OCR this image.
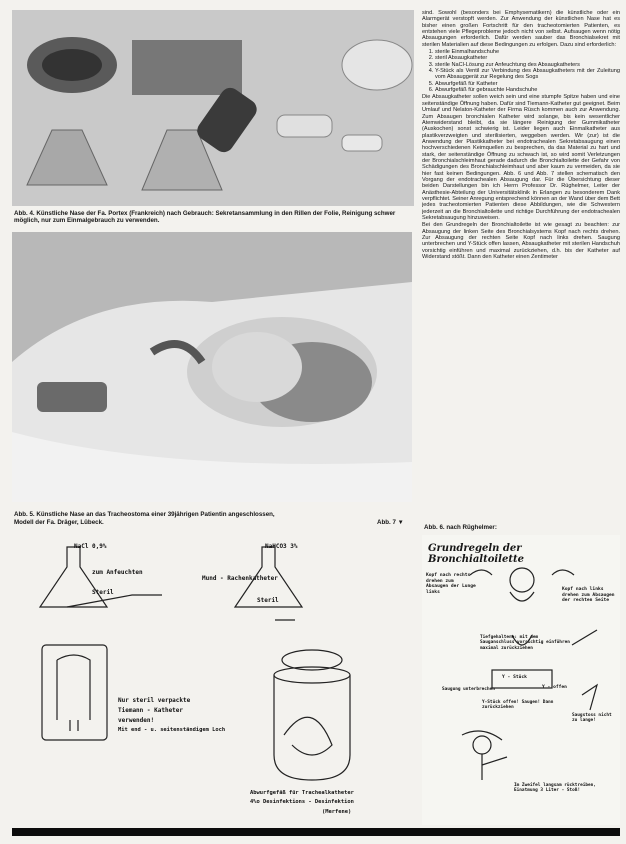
Abb. 4. Künstliche Nase der Fa. Portex (Frankreich) nach Gebrauch: Sekretansammlung in den Rillen der Folie, Reinigung schwer möglich, nur zum Einmalgebrauch zu verwenden.
Abb. 5. Künstliche Nase an das Tracheostoma einer 39jährigen Patientin angeschlossen,
Modell der Fa. Dräger, Lübeck.	Abb. 7 ▼

sind. Sowohl (besonders bei Emphysematikern) die künstliche oder ein Alarmgerät verstopft werden. Zur Anwendung der künstlichen Nase hat es bisher einen großen Fortschritt für den tracheotomierten Patienten, es entstehen viele Pflegeprobleme jedoch nicht von selbst. Aufsaugen wenn nötig Absaugungen erforderlich. Dafür werden sauber das Bronchialsekret mit sterilen Materialien auf diese Bedingungen zu erfolgen. Dazu sind erforderlich:

1. sterile Einmalhandschuhe
2. steril Absaugkatheter
3. sterile NaCl-Lösung zur Anfeuchtung des Absaugkatheters
4. Y-Stück als Ventil zur Verbindung des Absaugkatheters mit der Zuleitung vom Absauggerät zur Regelung des Sogs
5. Abwurfgefäß für Katheter
6. Abwurfgefäß für gebrauchte Handschuhe

Die Absaugkatheter sollen weich sein und eine stumpfe Spitze haben und eine seitenständige Öffnung haben. Dafür sind Tiemann-Katheter gut geeignet. Beim Umlauf und Nelaton-Katheter der Firma Rüsch kommen auch zur Anwendung. Zum Absaugen bronchialen Katheter wird solange, bis kein wesentlicher Atemwiderstand bleibt, da sie längere Reinigung der Gummikatheter (Auskochen) sonst schwierig ist. Leider liegen auch Einmalkatheter aus plastikverzweigten und sterilisierten, weggeben werden. Wir (zur) ist die Anwendung der Plastikkatheter bei endotrachealen Sekretabsaugung einen hochverschiedenen Keimquellen zu besprechen, da das Material zu hart und stark, der seitenständige Öffnung zu schwach ist, so wird somit Verletzungen der Bronchialschleimhaut gerade dadurch die Bronchialtoilette der Gefahr von Schädigungen des Bronchialschleimhaut und aber kaum zu vermeiden, da sie hier fast keinen Bedingungen. Abb. 6 und Abb. 7 stellen schematisch den Vorgang der endotrachealen Absaugung dar. Für die Übersichtung dieser beiden Darstellungen bin ich Herrn Professor Dr. Rüghelmer, Leiter der Anästhesie-Abteilung der Universitätsklinik in Erlangen zu besonderem Dank verpflichtet. Seiner Anregung entsprechend können an der Wand über dem Bett jedes tracheotomierten Patienten diese Abbildungen, wie die Schwestern jederzeit an die Bronchialtoilette und richtige Durchführung der endotrachealen Sekretabsaugung hinzuweisen.

Bei den Grundregeln der Bronchialtoilette ist wie gesagt zu beachten: zur Absaugung der linken Seite des Bronchialsystems Kopf nach rechts drehen. Zur Absaugung der rechten Seite Kopf nach links drehen. Saugung unterbrechen und Y-Stück offen lassen, Absaugkatheter mit sterilen Handschuh vorsichtig einführen und maximal zurückziehen, d.h. bis der Katheter auf Widerstand stößt. Dann den Katheter einen Zentimeter

Abb. 6. nach Rüghelmer:
Grundregeln der Bronchialtoilette
Kopf nach rechts drehen zum Absaugen der Lunge links	Kopf nach links drehen zum Absaugen der rechten Seite
Tiefgehaltene: mit dem Sauganschluss vorsichtig einführen maximal zurückziehen
Y - Stück
Saugung unterbrechen	Y - offen
Y-Stück offen! Saugen! Dann zurückziehen
Saugstoss nicht zu lange!
Im Zweifel langsam rücktreiben, Einatmung 3 Liter - Stoß!
NaCl 0,9%	NaHCO3 3%
zum Anfeuchten
Steril
Mund - Rachenkatheter
Steril
Nur steril verpackte
Tiemann - Katheter
verwenden!
Mit end - u. seitenständigem Loch
Abwurfgefäß für Trachealkatheter
4%o Desinfektions - Desinfektion
(Merfene)
